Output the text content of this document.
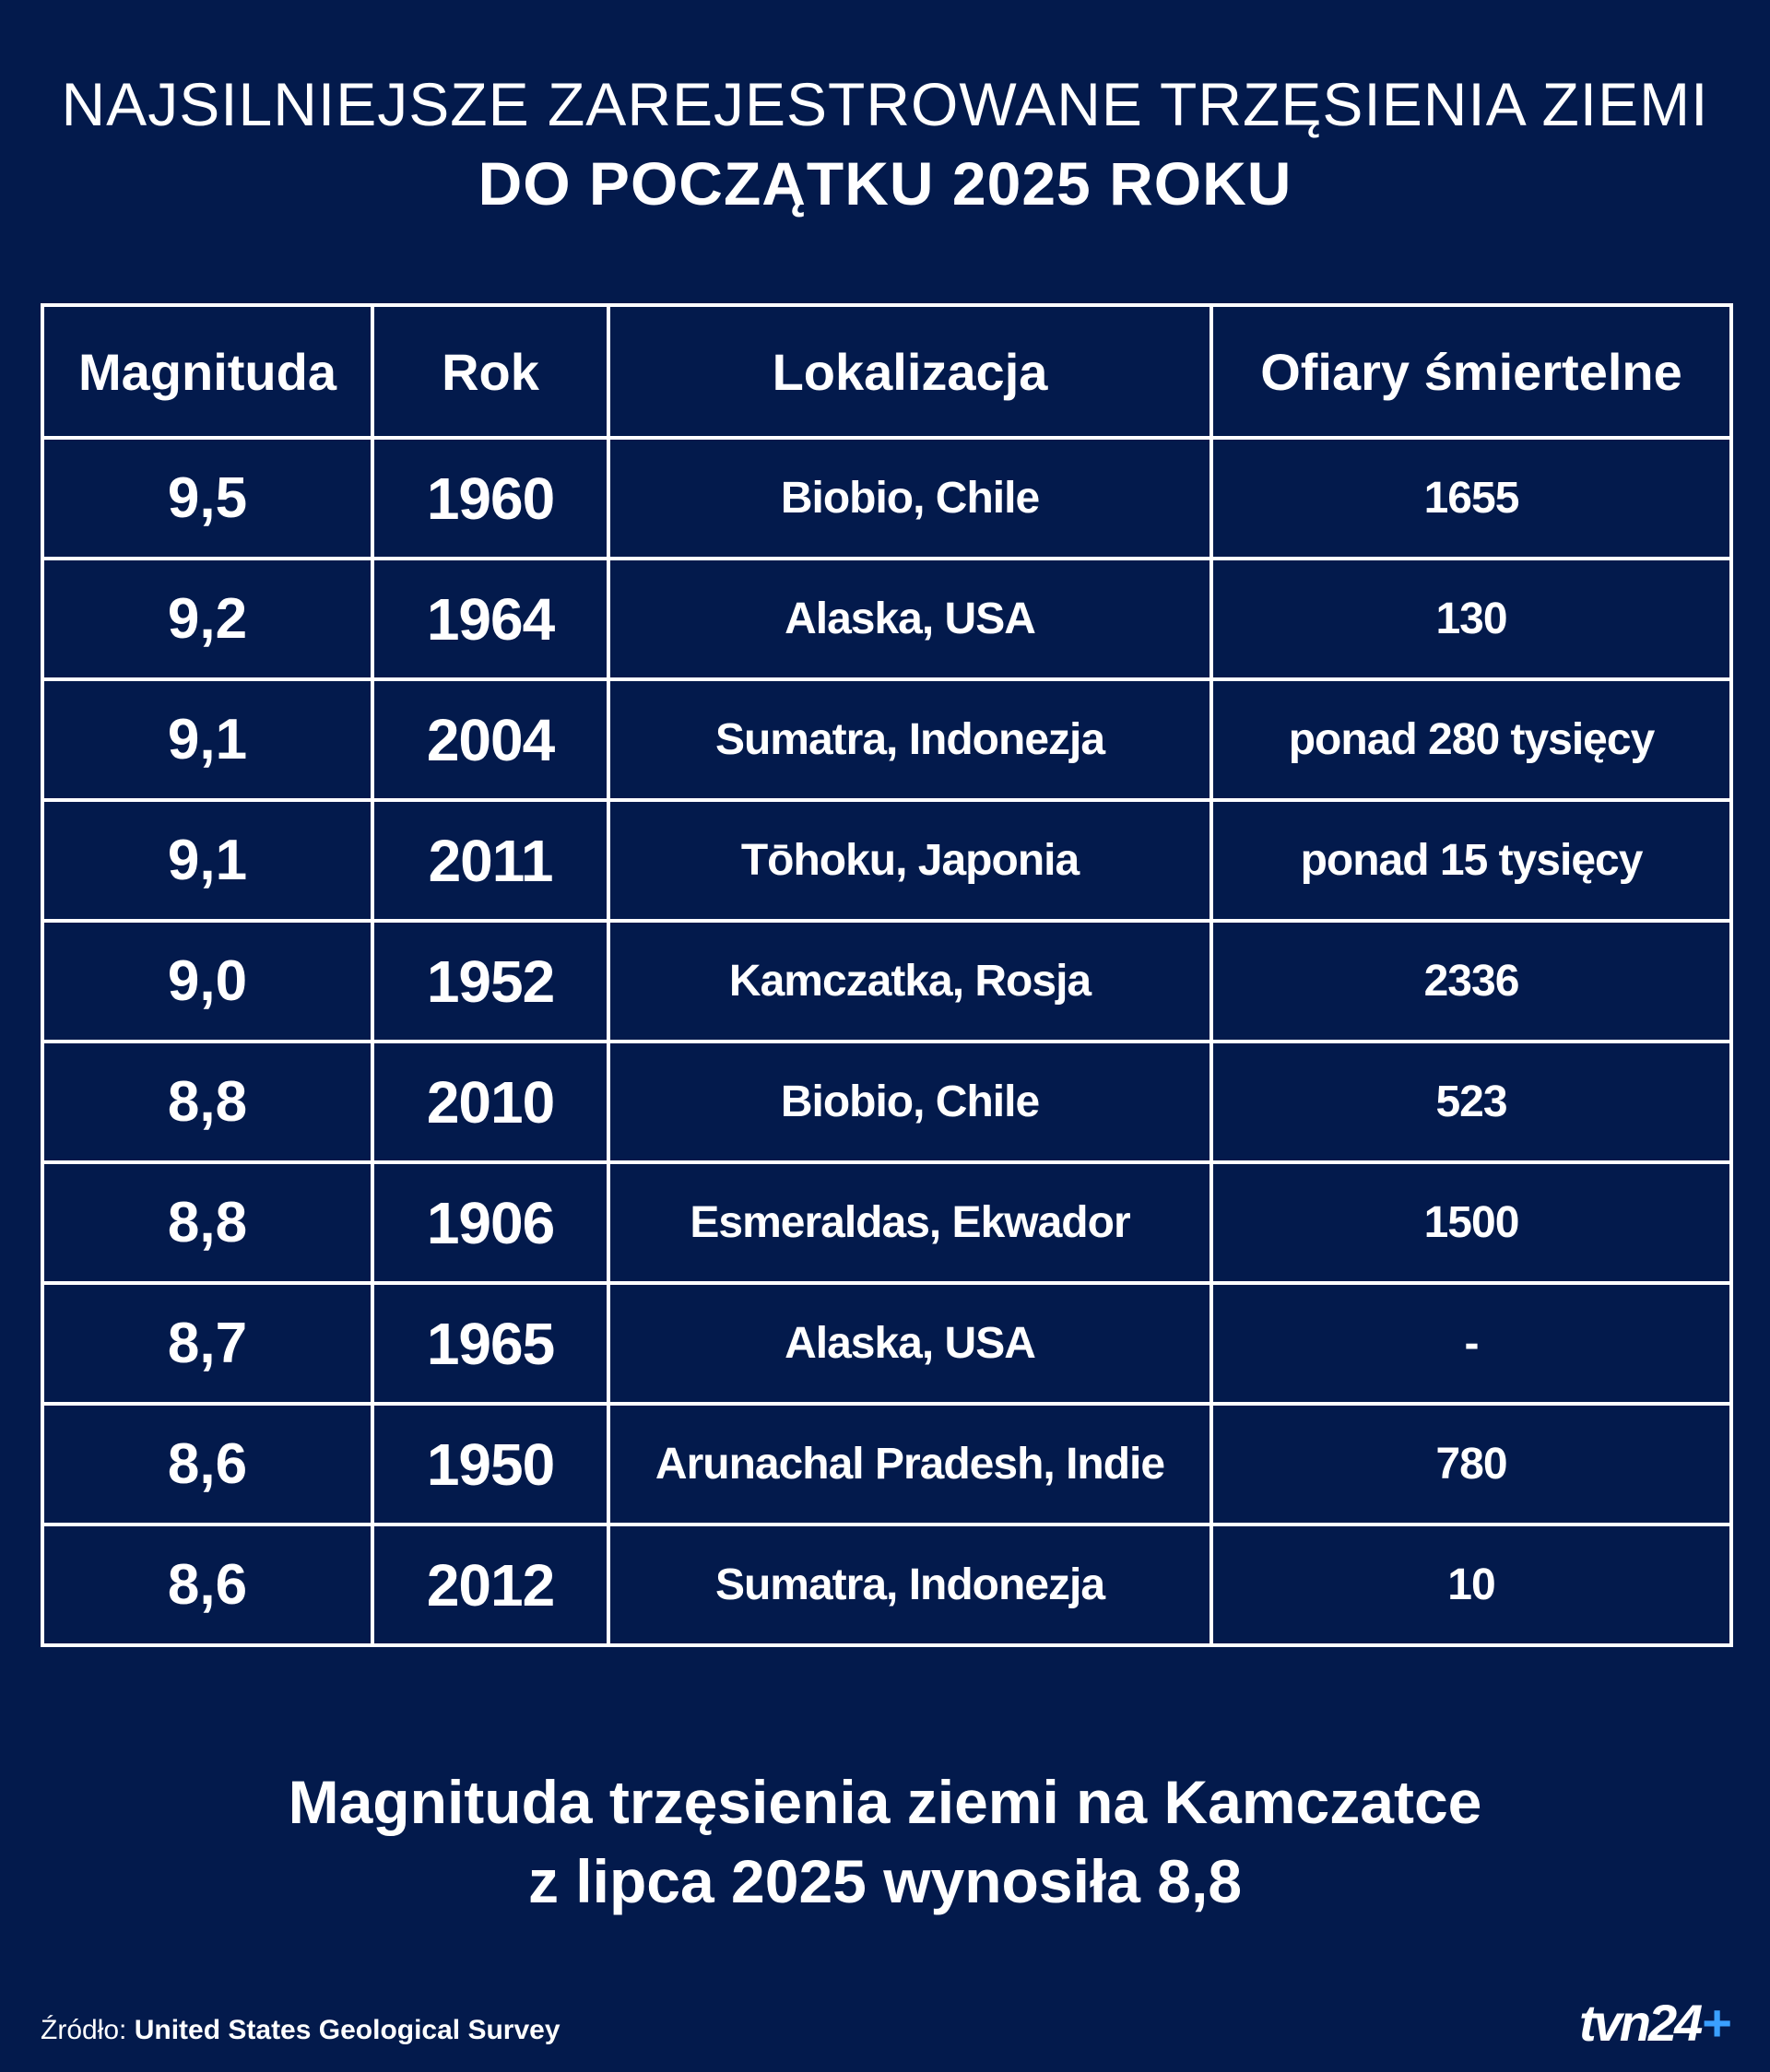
NAJSILNIEJSZE ZAREJESTROWANE TRZĘSIENIA ZIEMI
DO POCZĄTKU 2025 ROKU
Magnituda	Rok	Lokalizacja	Ofiary śmiertelne
9,5	1960	Biobio, Chile	1655
9,2	1964	Alaska, USA	130
9,1	2004	Sumatra, Indonezja	ponad 280 tysięcy
9,1	2011	Tōhoku, Japonia	ponad 15 tysięcy
9,0	1952	Kamczatka, Rosja	2336
8,8	2010	Biobio, Chile	523
8,8	1906	Esmeraldas, Ekwador	1500
8,7	1965	Alaska, USA	-
8,6	1950	Arunachal Pradesh, Indie	780
8,6	2012	Sumatra, Indonezja	10
Magnituda trzęsienia ziemi na Kamczatce
z lipca 2025 wynosiła 8,8
Źródło: United States Geological Survey	tvn24 +
